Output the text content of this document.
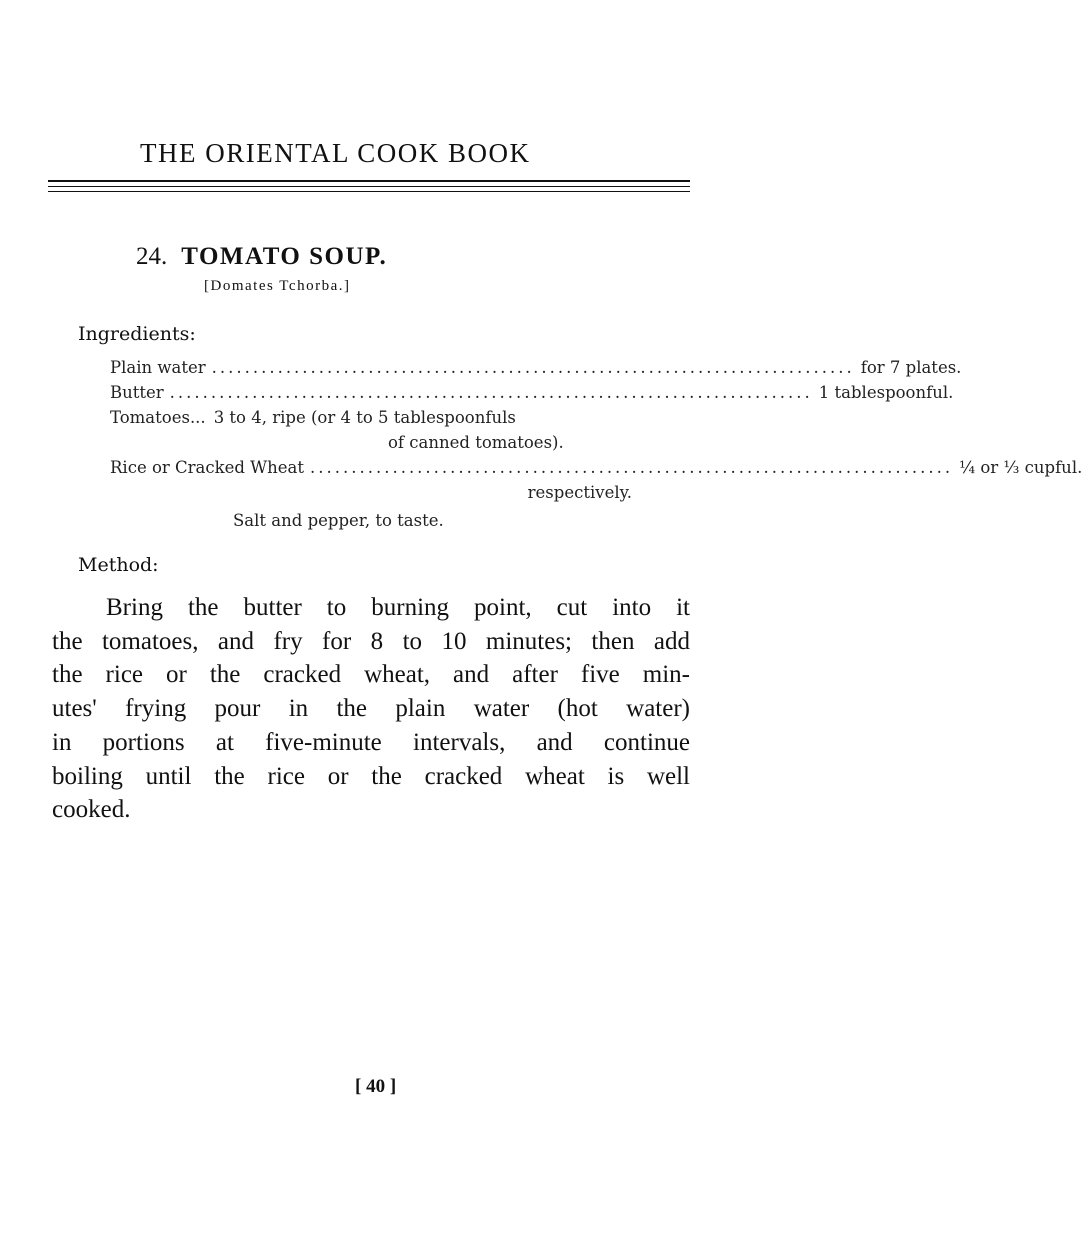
THE ORIENTAL COOK BOOK
24. TOMATO SOUP.
[Domates Tchorba.]
Ingredients:
Plain water .............................................................................. for 7 plates.
Butter .............................................................................. 1 tablespoonful.
Tomatoes... 3 to 4, ripe (or 4 to 5 tablespoonfuls
of canned tomatoes).
Rice or Cracked Wheat .............................................................................. ¼ or ⅓ cupful.
respectively.
Salt and pepper, to taste.
Method:
Bring the butter to burning point, cut into it
the tomatoes, and fry for 8 to 10 minutes; then add
the rice or the cracked wheat, and after five min-
utes' frying pour in the plain water (hot water)
in portions at five-minute intervals, and continue
boiling until the rice or the cracked wheat is well
cooked.
[ 40 ]
